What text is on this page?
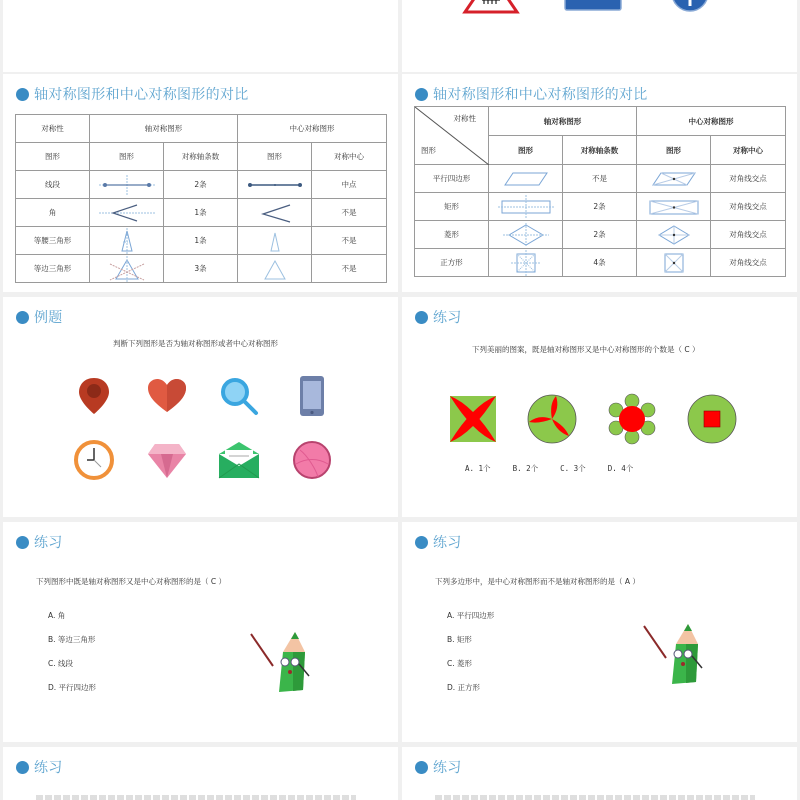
轴对称图形和中心对称图形的对比
对称性	轴对称图形		中心对称图形	
图形	图形	对称轴条数	图形	对称中心
线段		2条		中点
角		1条		不是
等腰三角形		1条		不是
等边三角形		3条		不是
轴对称图形和中心对称图形的对比
对称性
图形	轴对称图形		中心对称图形	
	图形	对称轴条数	图形	对称中心
平行四边形		不是		对角线交点
矩形		2条		对角线交点
菱形		2条		对角线交点
正方形		4条		对角线交点
例题
判断下列图形是否为轴对称图形或者中心对称图形
练习
下列美丽的图案，既是轴对称图形又是中心对称图形的个数是（ C ）
A. 1个	B. 2个	C. 3个	D. 4个
练习
下列图形中既是轴对称图形又是中心对称图形的是（ C ）
A. 角
B. 等边三角形
C. 线段
D. 平行四边形
练习
下列多边形中，是中心对称图形而不是轴对称图形的是（ A ）
A. 平行四边形
B. 矩形
C. 菱形
D. 正方形
练习	练习
